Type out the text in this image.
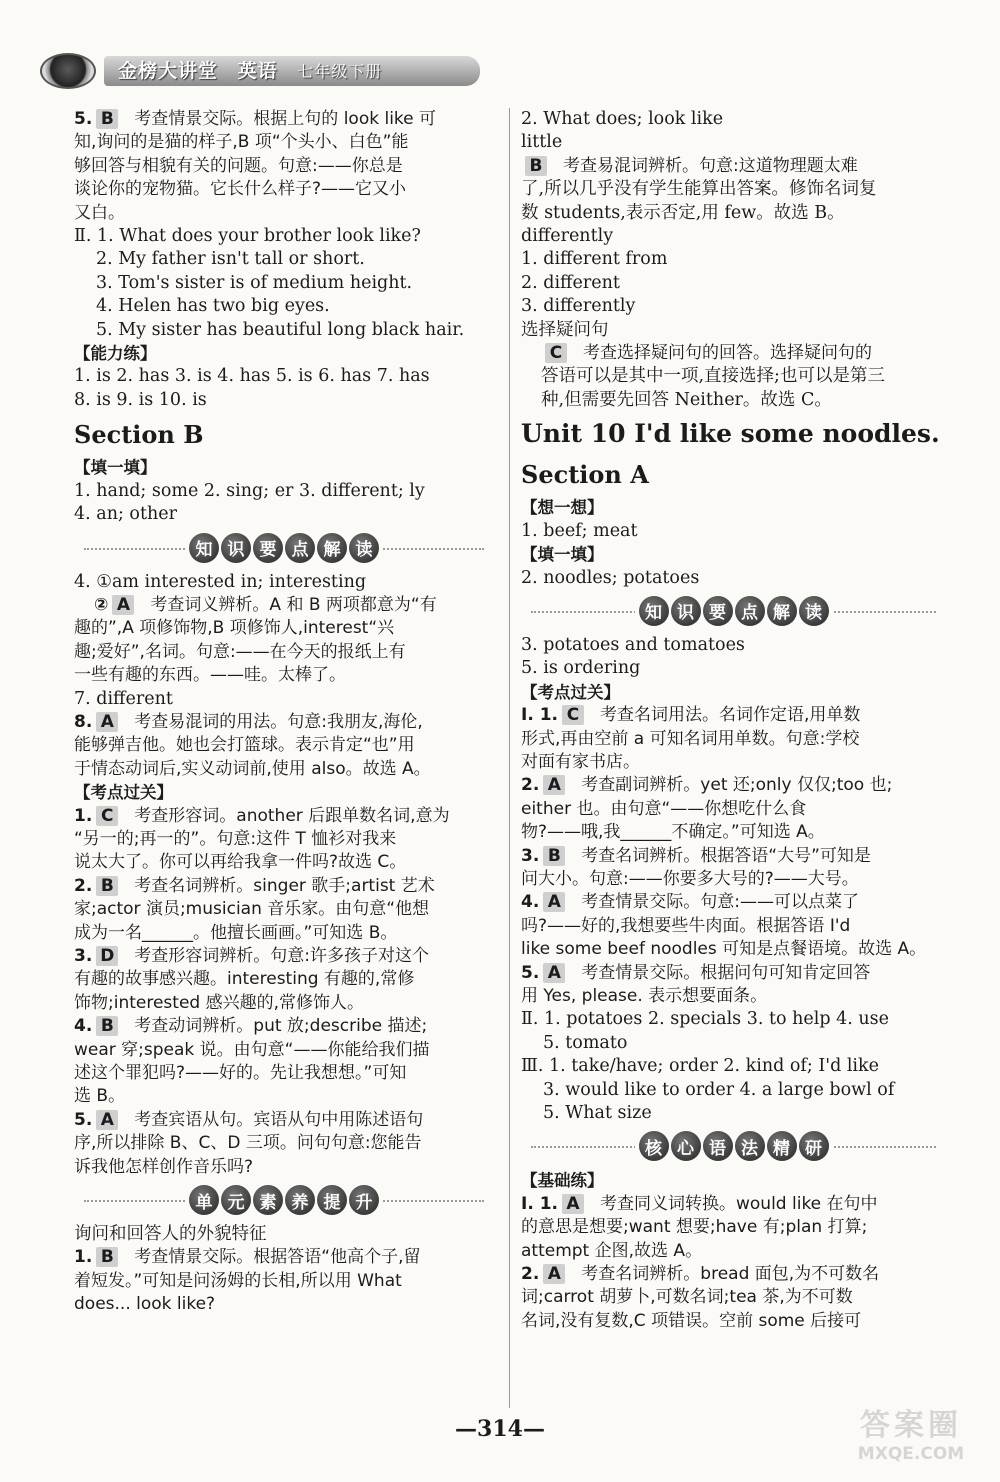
金榜大讲堂 英语 七年级下册
5. B 考查情景交际。根据上句的 look like 可
知,询问的是猫的样子,B 项“个头小、白色”能
够回答与相貌有关的问题。句意:——你总是
谈论你的宠物猫。它长什么样子?——它又小
又白。
Ⅱ. 1. What does your brother look like?
2. My father isn't tall or short.
3. Tom's sister is of medium height.
4. Helen has two big eyes.
5. My sister has beautiful long black hair.
【能力练】
1. is 2. has 3. is 4. has 5. is 6. has 7. has
8. is 9. is 10. is
Section B
【填一填】
1. hand; some 2. sing; er 3. different; ly
4. an; other
知 识 要 点 解 读
4. ①am interested in; interesting
② A 考查词义辨析。A 和 B 两项都意为“有
趣的”,A 项修饰物,B 项修饰人,interest“兴
趣;爱好”,名词。句意:——在今天的报纸上有
一些有趣的东西。——哇。太棒了。
7. different
8. A 考查易混词的用法。句意:我朋友,海伦,
能够弹吉他。她也会打篮球。表示肯定“也”用
于情态动词后,实义动词前,使用 also。故选 A。
【考点过关】
1. C 考查形容词。another 后跟单数名词,意为
“另一的;再一的”。句意:这件 T 恤衫对我来
说太大了。你可以再给我拿一件吗?故选 C。
2. B 考查名词辨析。singer 歌手;artist 艺术
家;actor 演员;musician 音乐家。由句意“他想
成为一名______。他擅长画画。”可知选 B。
3. D 考查形容词辨析。句意:许多孩子对这个
有趣的故事感兴趣。interesting 有趣的,常修
饰物;interested 感兴趣的,常修饰人。
4. B 考查动词辨析。put 放;describe 描述;
wear 穿;speak 说。由句意“——你能给我们描
述这个罪犯吗?——好的。先让我想想。”可知
选 B。
5. A 考查宾语从句。宾语从句中用陈述语句
序,所以排除 B、C、D 三项。问句句意:您能告
诉我他怎样创作音乐吗?
单 元 素 养 提 升
询问和回答人的外貌特征
1. B 考查情景交际。根据答语“他高个子,留
着短发。”可知是问汤姆的长相,所以用 What
does... look like?
2. What does; look like
little
B 考查易混词辨析。句意:这道物理题太难
了,所以几乎没有学生能算出答案。修饰名词复
数 students,表示否定,用 few。故选 B。
differently
1. different from
2. different
3. differently
选择疑问句
C 考查选择疑问句的回答。选择疑问句的
答语可以是其中一项,直接选择;也可以是第三
种,但需要先回答 Neither。故选 C。
Unit 10 I'd like some noodles.
Section A
【想一想】
1. beef; meat
【填一填】
2. noodles; potatoes
知 识 要 点 解 读
3. potatoes and tomatoes
5. is ordering
【考点过关】
Ⅰ. 1. C 考查名词用法。名词作定语,用单数
形式,再由空前 a 可知名词用单数。句意:学校
对面有家书店。
2. A 考查副词辨析。yet 还;only 仅仅;too 也;
either 也。由句意“——你想吃什么食
物?——哦,我______不确定。”可知选 A。
3. B 考查名词辨析。根据答语“大号”可知是
问大小。句意:——你要多大号的?——大号。
4. A 考查情景交际。句意:——可以点菜了
吗?——好的,我想要些牛肉面。根据答语 I'd
like some beef noodles 可知是点餐语境。故选 A。
5. A 考查情景交际。根据问句可知肯定回答
用 Yes, please. 表示想要面条。
Ⅱ. 1. potatoes 2. specials 3. to help 4. use
5. tomato
Ⅲ. 1. take/have; order 2. kind of; I'd like
3. would like to order 4. a large bowl of
5. What size
核 心 语 法 精 研
【基础练】
Ⅰ. 1. A 考查同义词转换。would like 在句中
的意思是想要;want 想要;have 有;plan 打算;
attempt 企图,故选 A。
2. A 考查名词辨析。bread 面包,为不可数名
词;carrot 胡萝卜,可数名词;tea 茶,为不可数
名词,没有复数,C 项错误。空前 some 后接可
—314—	答案圈
MXQE.COM
